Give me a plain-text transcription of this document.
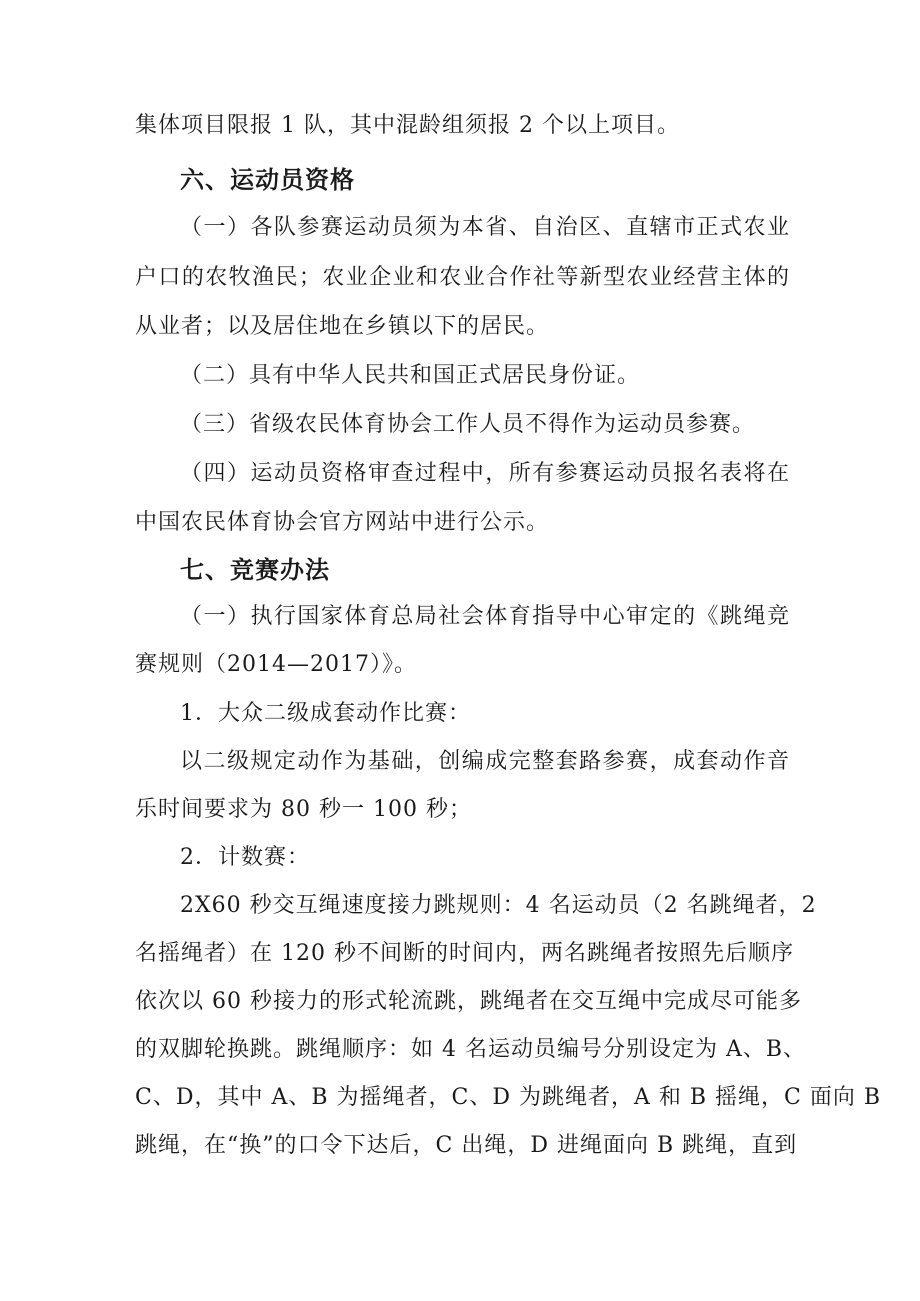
集体项目限报 1 队，其中混龄组须报 2 个以上项目。
六、运动员资格
（一）各队参赛运动员须为本省、自治区、直辖市正式农业
户口的农牧渔民；农业企业和农业合作社等新型农业经营主体的
从业者；以及居住地在乡镇以下的居民。
（二）具有中华人民共和国正式居民身份证。
（三）省级农民体育协会工作人员不得作为运动员参赛。
（四）运动员资格审查过程中，所有参赛运动员报名表将在
中国农民体育协会官方网站中进行公示。
七、竞赛办法
（一）执行国家体育总局社会体育指导中心审定的《跳绳竞
赛规则（2014—2017）》。
1．大众二级成套动作比赛：
以二级规定动作为基础，创编成完整套路参赛，成套动作音
乐时间要求为 80 秒一 100 秒；
2．计数赛：
2X60 秒交互绳速度接力跳规则：4 名运动员（2 名跳绳者，2
名摇绳者）在 120 秒不间断的时间内，两名跳绳者按照先后顺序
依次以 60 秒接力的形式轮流跳，跳绳者在交互绳中完成尽可能多
的双脚轮换跳。跳绳顺序：如 4 名运动员编号分别设定为 A、B、
C、D，其中 A、B 为摇绳者，C、D 为跳绳者，A 和 B 摇绳，C 面向 B
跳绳，在“换”的口令下达后，C 出绳，D 进绳面向 B 跳绳，直到
